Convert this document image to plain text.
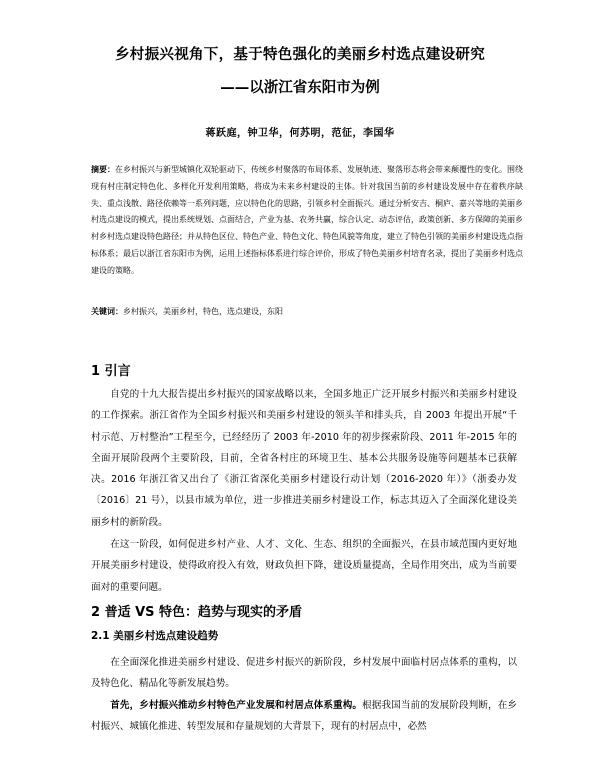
乡村振兴视角下，基于特色强化的美丽乡村选点建设研究
——以浙江省东阳市为例
蒋跃庭，钟卫华，何苏明，范征，李国华
摘要：在乡村振兴与新型城镇化双轮驱动下，传统乡村聚落的布局体系、发展轨迹、聚落形态将会带来颠覆性的变化。围绕现有村庄制定特色化、多样化开发利用策略，将成为未来乡村建设的主体。针对我国当前的乡村建设发展中存在着秩序缺失、重点浅散、路径依赖等一系列问题，应以特色化的思路，引领乡村全面振兴。通过分析安吉、桐庐、嘉兴等地的美丽乡村选点建设的模式，提出系统规划、点面结合，产业为基、农务共赢，综合认定、动态评估，政策创新、多方保障的美丽乡村乡村选点建设特色路径；并从特色区位、特色产业、特色文化、特色风貌等角度，建立了特色引领的美丽乡村建设选点指标体系；最后以浙江省东阳市为例，运用上述指标体系进行综合评价，形成了特色美丽乡村培育名录，提出了美丽乡村选点建设的策略。
关键词：乡村振兴，美丽乡村，特色，选点建设，东阳
1 引言
自党的十九大报告提出乡村振兴的国家战略以来，全国多地正广泛开展乡村振兴和美丽乡村建设的工作探索。浙江省作为全国乡村振兴和美丽乡村建设的领头羊和排头兵，自 2003 年提出开展“千村示范、万村整治”工程至今，已经经历了 2003 年-2010 年的初步探索阶段、2011 年-2015 年的全面开展阶段两个主要阶段，目前，全省各村庄的环境卫生、基本公共服务设施等问题基本已获解决。2016 年浙江省又出台了《浙江省深化美丽乡村建设行动计划（2016-2020 年）》（浙委办发〔2016〕21 号），以县市域为单位，进一步推进美丽乡村建设工作，标志其迈入了全面深化建设美丽乡村的新阶段。
在这一阶段，如何促进乡村产业、人才、文化、生态、组织的全面振兴，在县市域范围内更好地开展美丽乡村建设，使得政府投入有效，财政负担下降，建设质量提高，全局作用突出，成为当前要面对的重要问题。
2 普适 VS 特色：趋势与现实的矛盾
2.1 美丽乡村选点建设趋势
在全面深化推进美丽乡村建设、促进乡村振兴的新阶段，乡村发展中面临村居点体系的重构，以及特色化、精品化等新发展趋势。
首先，乡村振兴推动乡村特色产业发展和村居点体系重构。根据我国当前的发展阶段判断，在乡村振兴、城镇化推进、转型发展和存量规划的大背景下，现有的村居点中，必然
